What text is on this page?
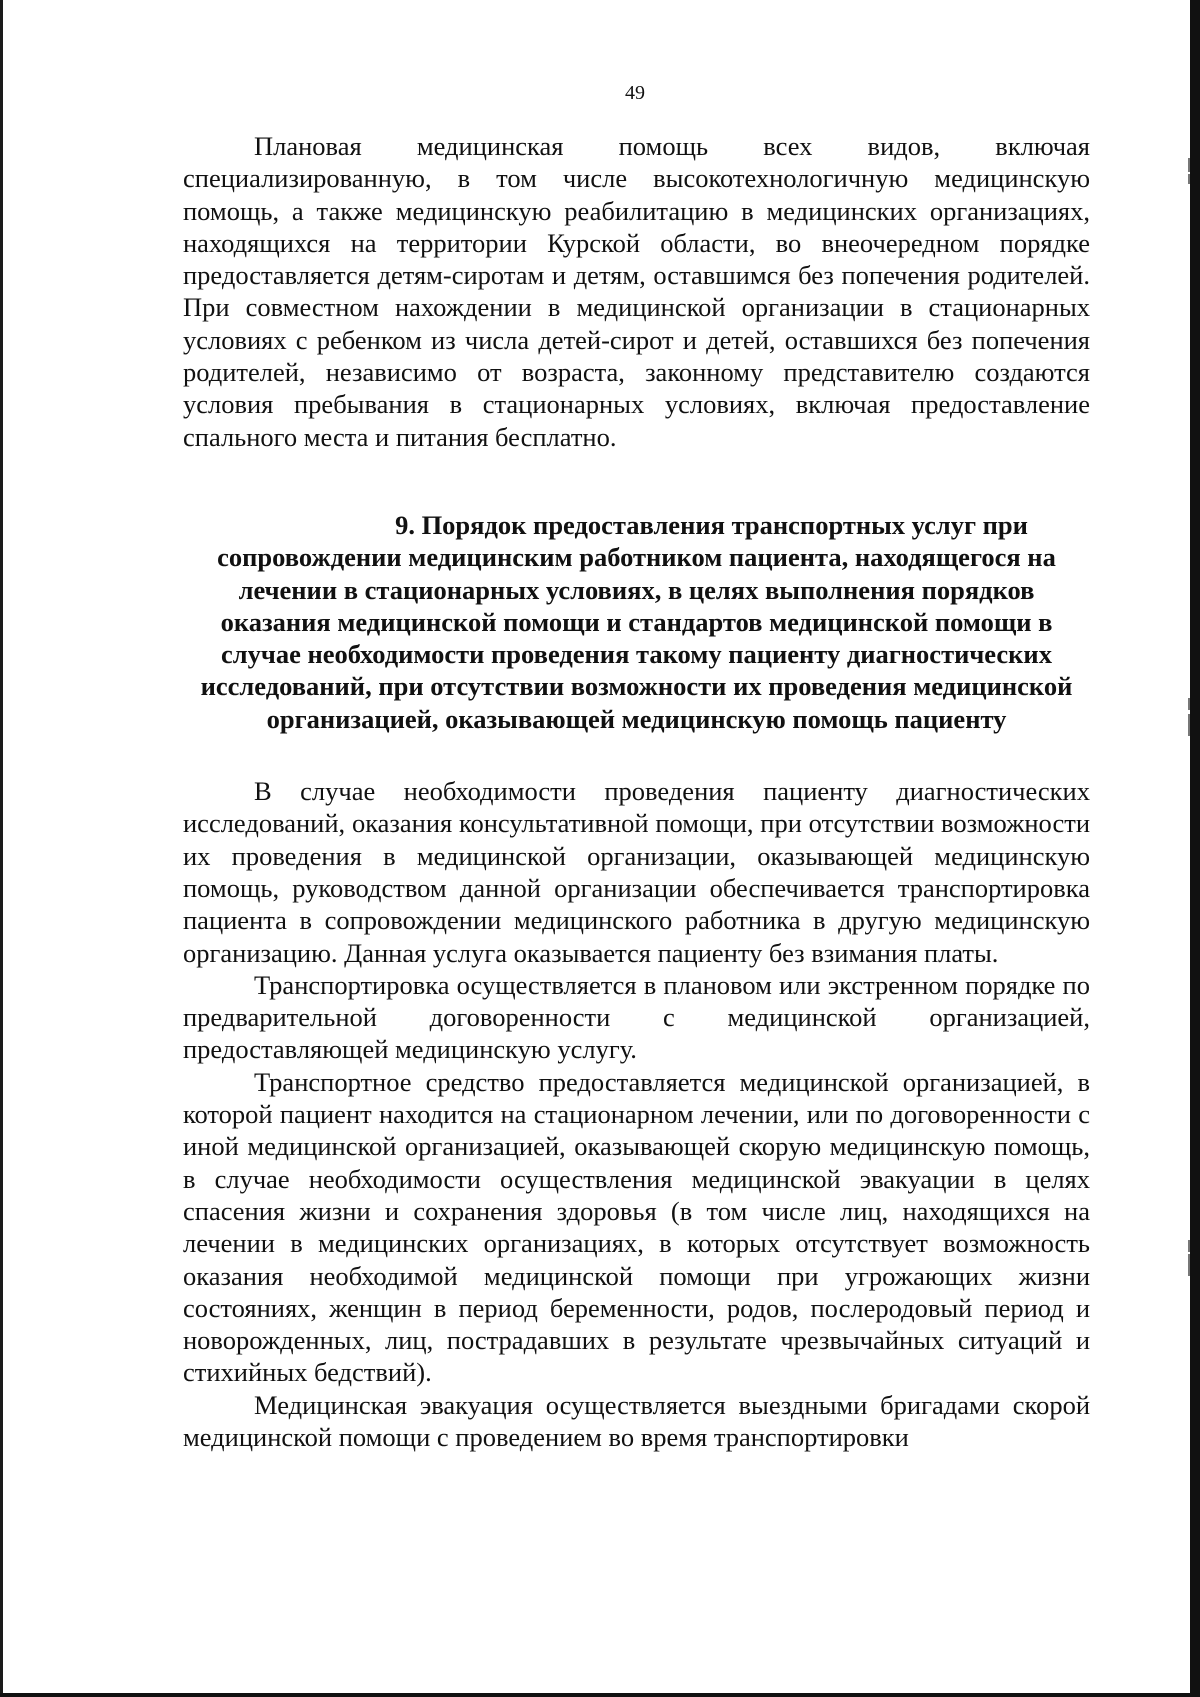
49

Плановая медицинская помощь всех видов, включая специализированную, в том числе высокотехнологичную медицинскую помощь, а также медицинскую реабилитацию в медицинских организациях, находящихся на территории Курской области, во внеочередном порядке предоставляется детям-сиротам и детям, оставшимся без попечения родителей. При совместном нахождении в медицинской организации в стационарных условиях с ребенком из числа детей-сирот и детей, оставшихся без попечения родителей, независимо от возраста, законному представителю создаются условия пребывания в стационарных условиях, включая предоставление спального места и питания бесплатно.

9. Порядок предоставления транспортных услуг при

сопровождении медицинским работником пациента, находящегося на лечении в стационарных условиях, в целях выполнения порядков оказания медицинской помощи и стандартов медицинской помощи в случае необходимости проведения такому пациенту диагностических исследований, при отсутствии возможности их проведения медицинской организацией, оказывающей медицинскую помощь пациенту

В случае необходимости проведения пациенту диагностических исследований, оказания консультативной помощи, при отсутствии возможности их проведения в медицинской организации, оказывающей медицинскую помощь, руководством данной организации обеспечивается транспортировка пациента в сопровождении медицинского работника в другую медицинскую организацию. Данная услуга оказывается пациенту без взимания платы.

Транспортировка осуществляется в плановом или экстренном порядке по предварительной договоренности с медицинской организацией, предоставляющей медицинскую услугу.

Транспортное средство предоставляется медицинской организацией, в которой пациент находится на стационарном лечении, или по договоренности с иной медицинской организацией, оказывающей скорую медицинскую помощь, в случае необходимости осуществления медицинской эвакуации в целях спасения жизни и сохранения здоровья (в том числе лиц, находящихся на лечении в медицинских организациях, в которых отсутствует возможность оказания необходимой медицинской помощи при угрожающих жизни состояниях, женщин в период беременности, родов, послеродовый период и новорожденных, лиц, пострадавших в результате чрезвычайных ситуаций и стихийных бедствий).

Медицинская эвакуация осуществляется выездными бригадами скорой медицинской помощи с проведением во время транспортировки
